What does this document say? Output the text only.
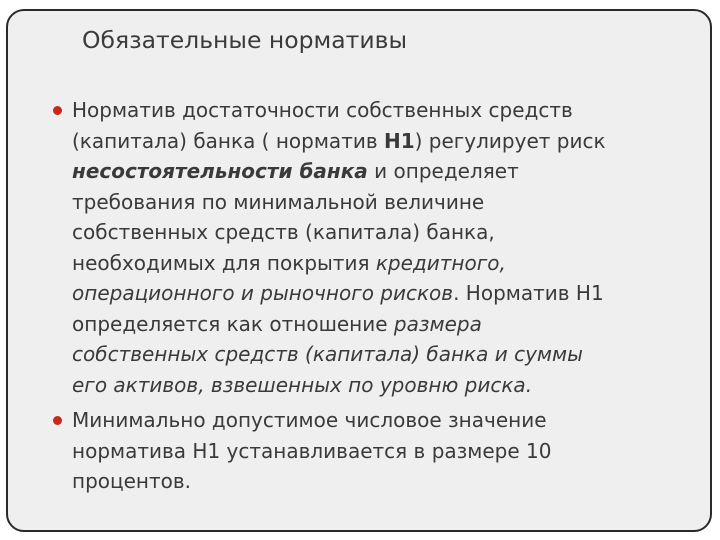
Обязательные нормативы
Норматив достаточности собственных средств
(капитала) банка ( норматив Н1) регулирует риск
несостоятельности банка и определяет
требования по минимальной величине
собственных средств (капитала) банка,
необходимых для покрытия кредитного,
операционного и рыночного рисков. Норматив Н1
определяется как отношение размера
собственных средств (капитала) банка и суммы
его активов, взвешенных по уровню риска.
Минимально допустимое числовое значение
норматива Н1 устанавливается в размере 10
процентов.
